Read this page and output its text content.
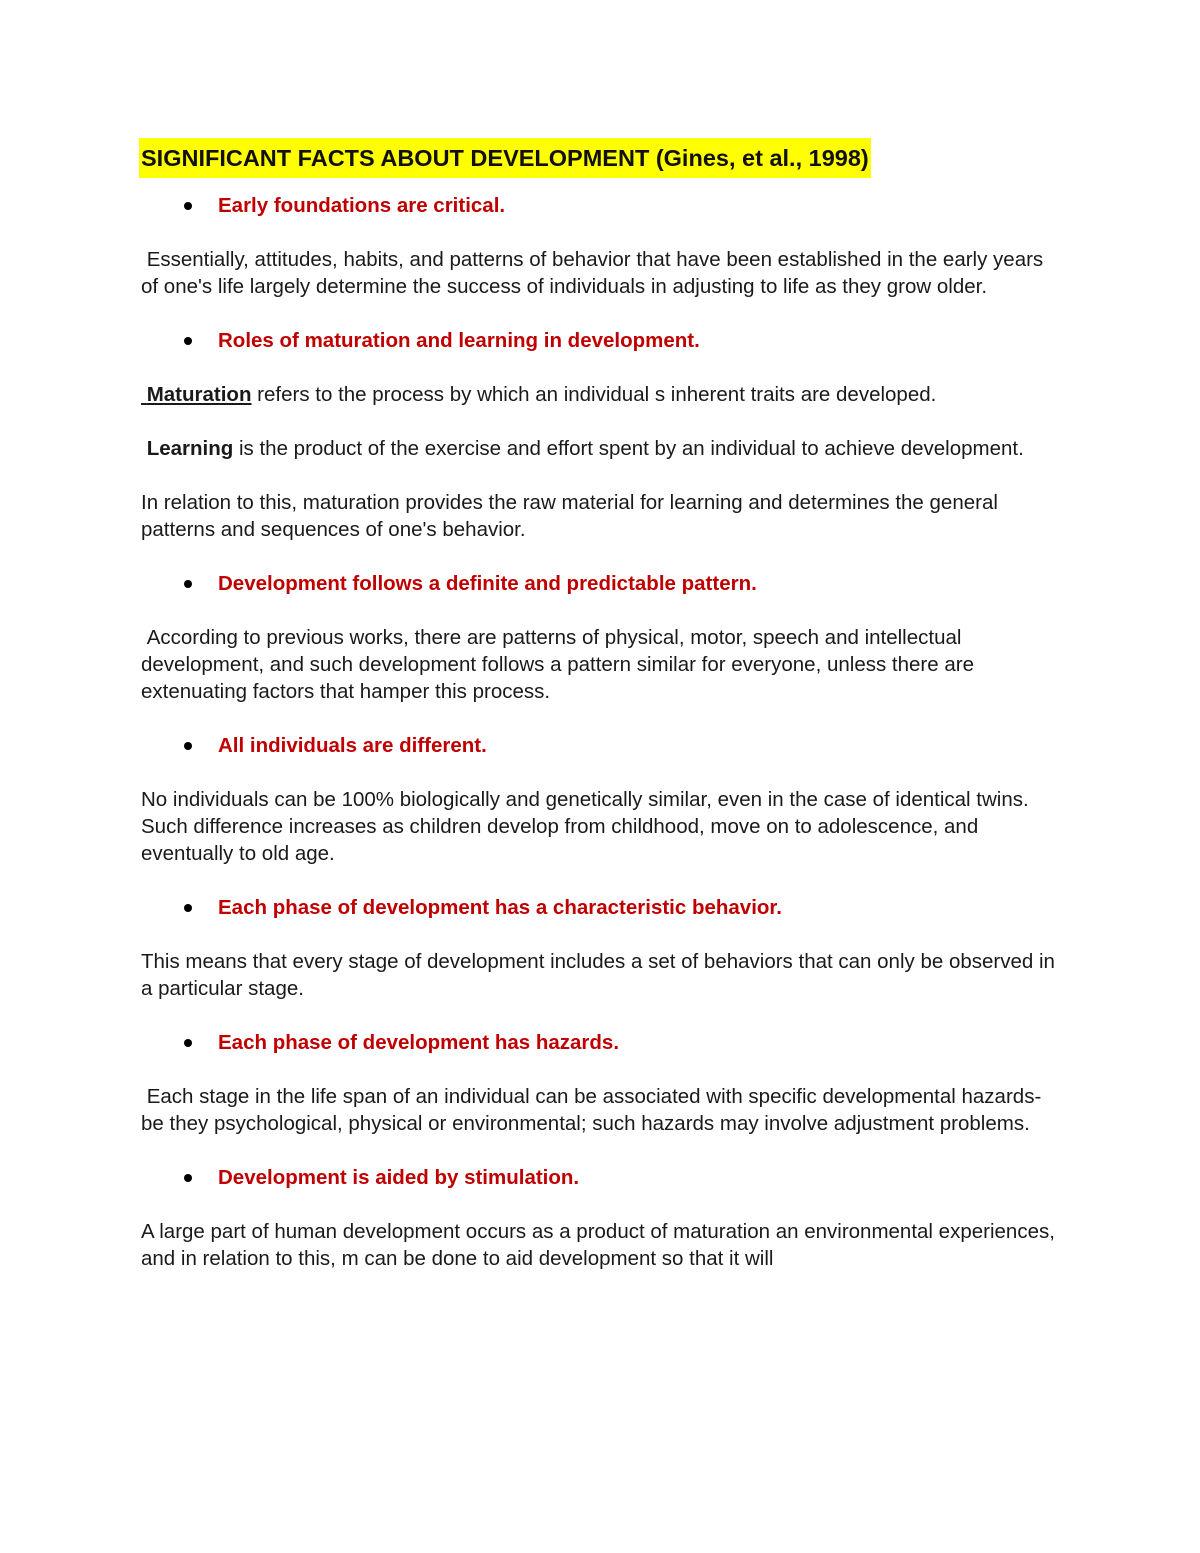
SIGNIFICANT FACTS ABOUT DEVELOPMENT (Gines, et al., 1998)
Early foundations are critical.

Essentially, attitudes, habits, and patterns of behavior that have been established in the early years of one's life largely determine the success of individuals in adjusting to life as they grow older.

Roles of maturation and learning in development.

Maturation refers to the process by which an individual s inherent traits are developed.

Learning is the product of the exercise and effort spent by an individual to achieve development.

In relation to this, maturation provides the raw material for learning and determines the general patterns and sequences of one's behavior.

Development follows a definite and predictable pattern.

According to previous works, there are patterns of physical, motor, speech and intellectual development, and such development follows a pattern similar for everyone, unless there are extenuating factors that hamper this process.

All individuals are different.

No individuals can be 100% biologically and genetically similar, even in the case of identical twins. Such difference increases as children develop from childhood, move on to adolescence, and eventually to old age.

Each phase of development has a characteristic behavior.

This means that every stage of development includes a set of behaviors that can only be observed in a particular stage.

Each phase of development has hazards.

Each stage in the life span of an individual can be associated with specific developmental hazards-be they psychological, physical or environmental; such hazards may involve adjustment problems.

Development is aided by stimulation.

A large part of human development occurs as a product of maturation an environmental experiences, and in relation to this, m can be done to aid development so that it will
